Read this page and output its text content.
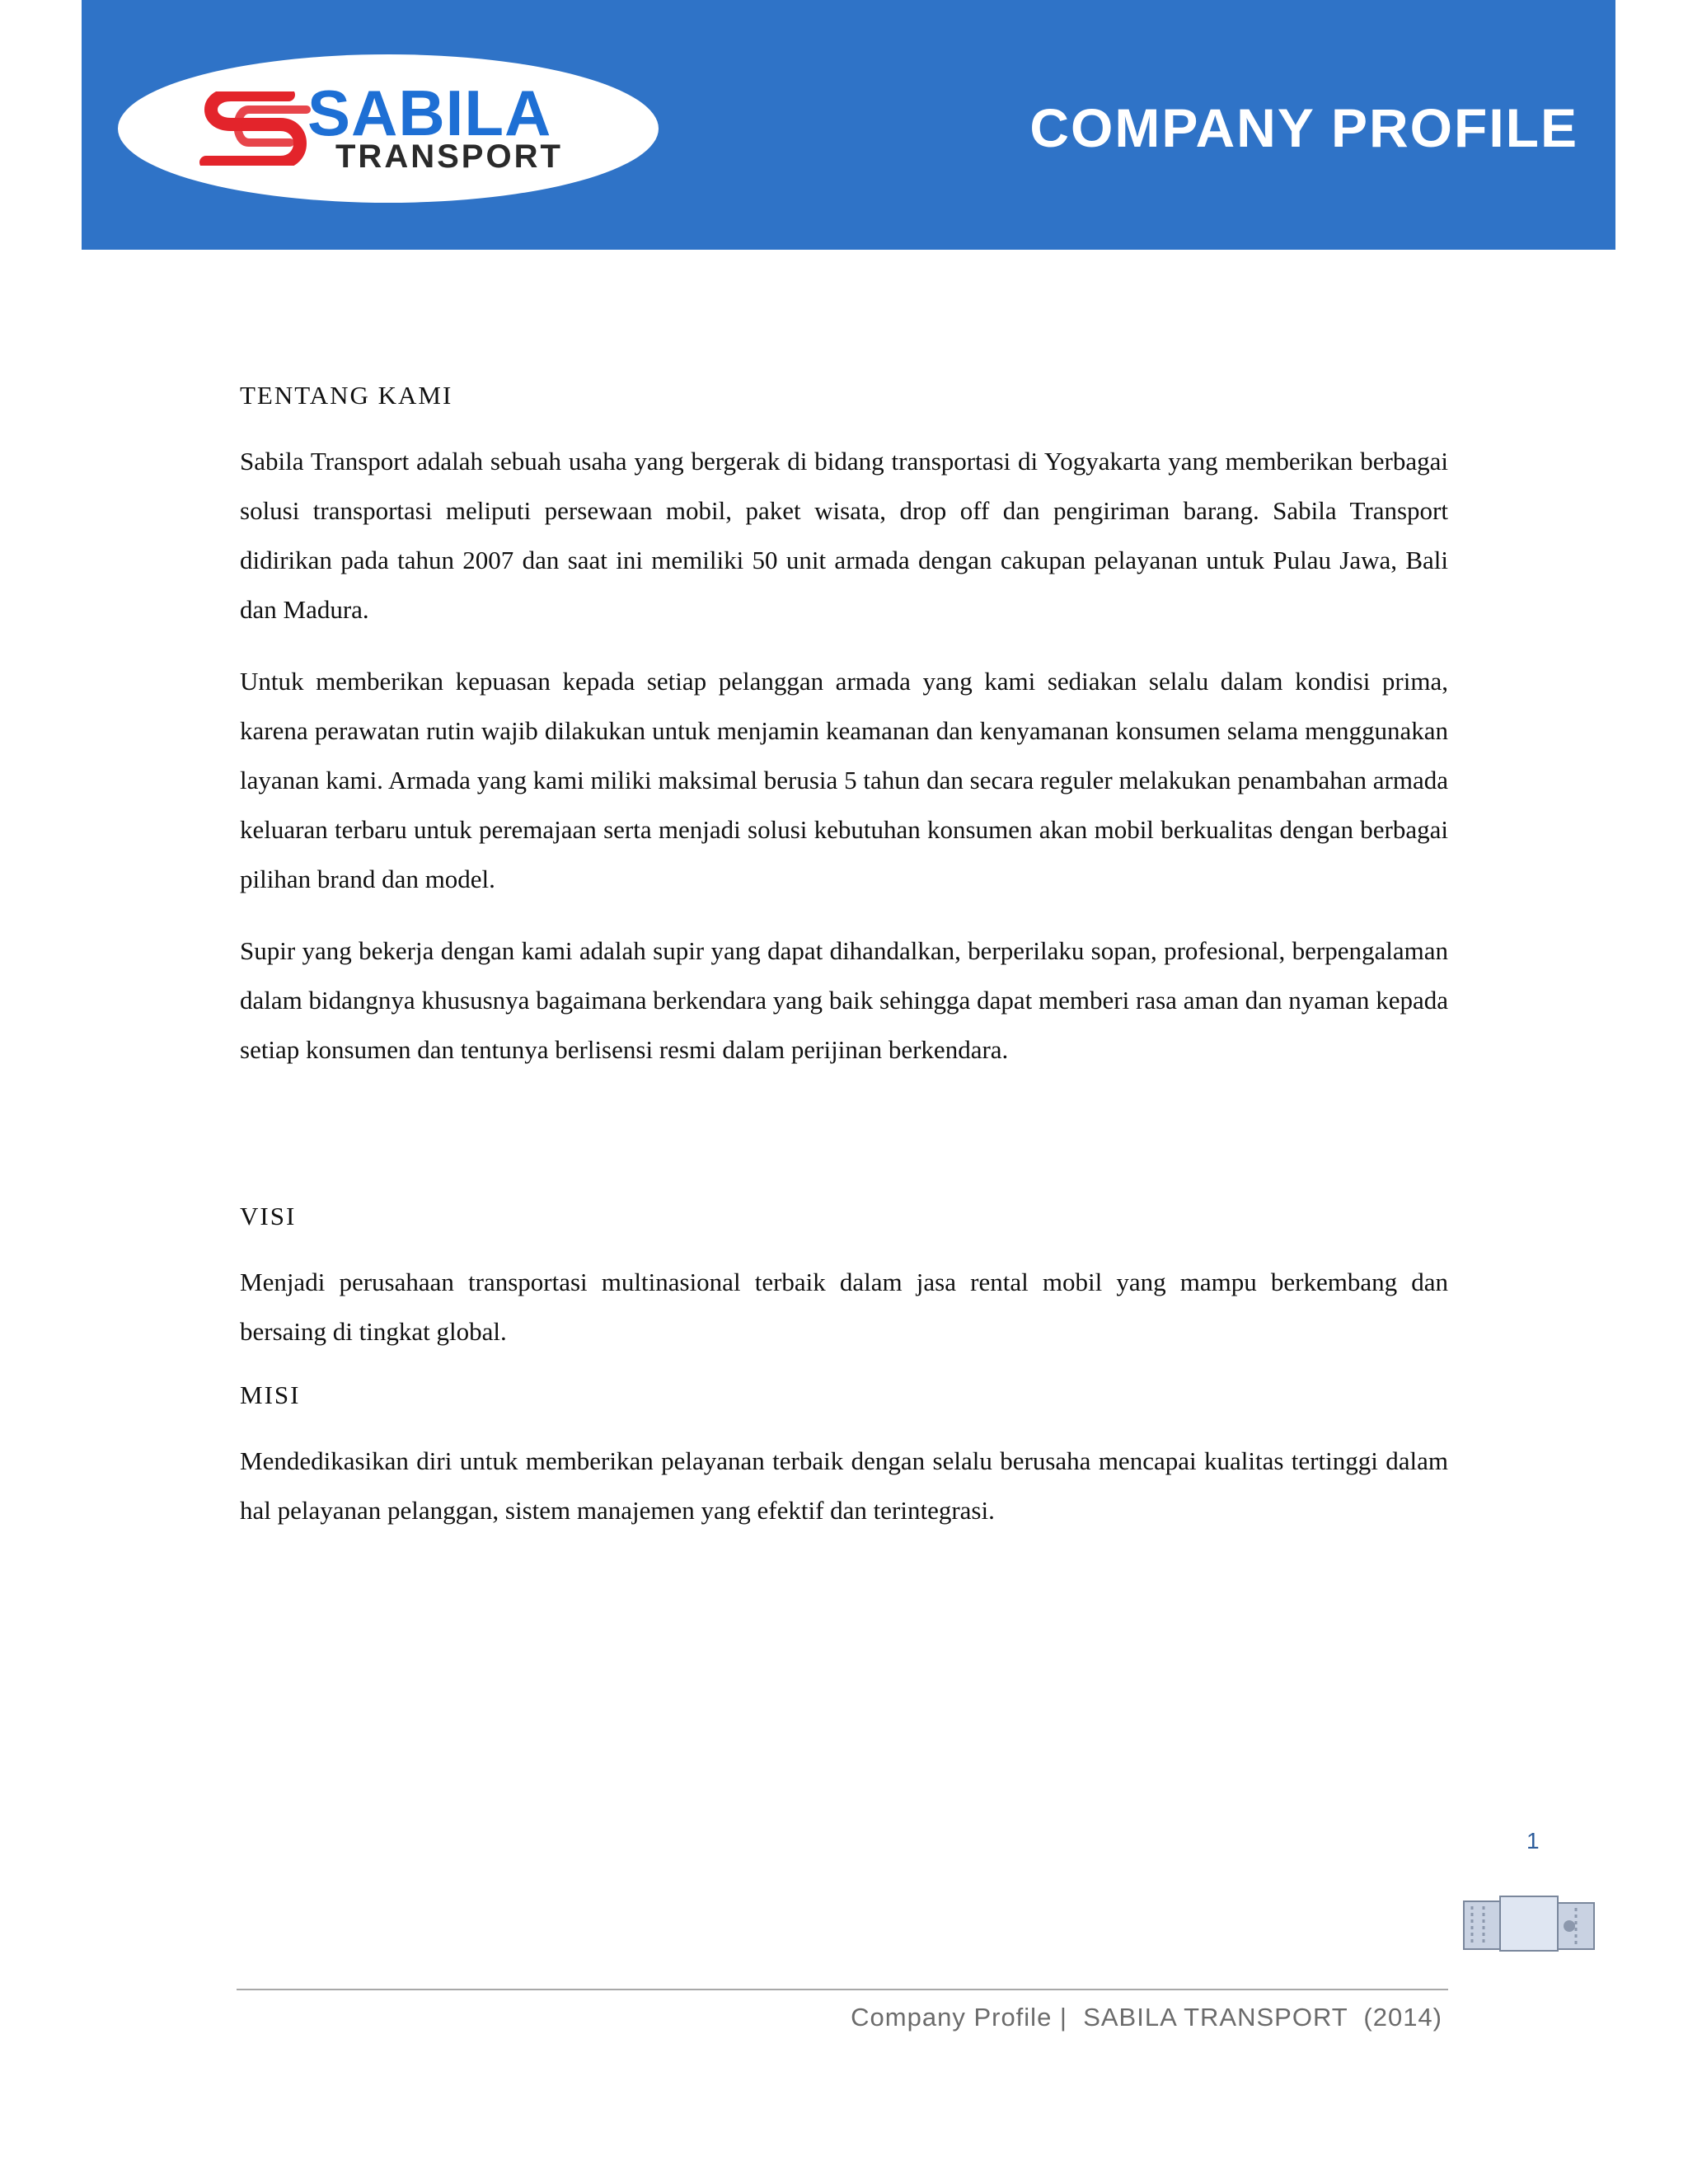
SABILA
TRANSPORT	COMPANY PROFILE

TENTANG KAMI

Sabila Transport adalah sebuah usaha yang bergerak di bidang transportasi di Yogyakarta yang memberikan berbagai solusi transportasi meliputi persewaan mobil, paket wisata, drop off dan pengiriman barang. Sabila Transport didirikan pada tahun 2007 dan saat ini memiliki 50 unit armada dengan cakupan pelayanan untuk Pulau Jawa, Bali dan Madura.

Untuk memberikan kepuasan kepada setiap pelanggan armada yang kami sediakan selalu dalam kondisi prima, karena perawatan rutin wajib dilakukan untuk menjamin keamanan dan kenyamanan konsumen selama menggunakan layanan kami. Armada yang kami miliki maksimal berusia 5 tahun dan secara reguler melakukan penambahan armada keluaran terbaru untuk peremajaan serta menjadi solusi kebutuhan konsumen akan mobil berkualitas dengan berbagai pilihan brand dan model.

Supir yang bekerja dengan kami adalah supir yang dapat dihandalkan, berperilaku sopan, profesional, berpengalaman dalam bidangnya khususnya bagaimana berkendara yang baik sehingga dapat memberi rasa aman dan nyaman kepada setiap konsumen dan tentunya berlisensi resmi dalam perijinan berkendara.

VISI

Menjadi perusahaan transportasi multinasional terbaik dalam jasa rental mobil yang mampu berkembang dan bersaing di tingkat global.

MISI

Mendedikasikan diri untuk memberikan pelayanan terbaik dengan selalu berusaha mencapai kualitas tertinggi dalam hal pelayanan pelanggan, sistem manajemen yang efektif dan terintegrasi.

1
Company Profile |  SABILA TRANSPORT  (2014)
